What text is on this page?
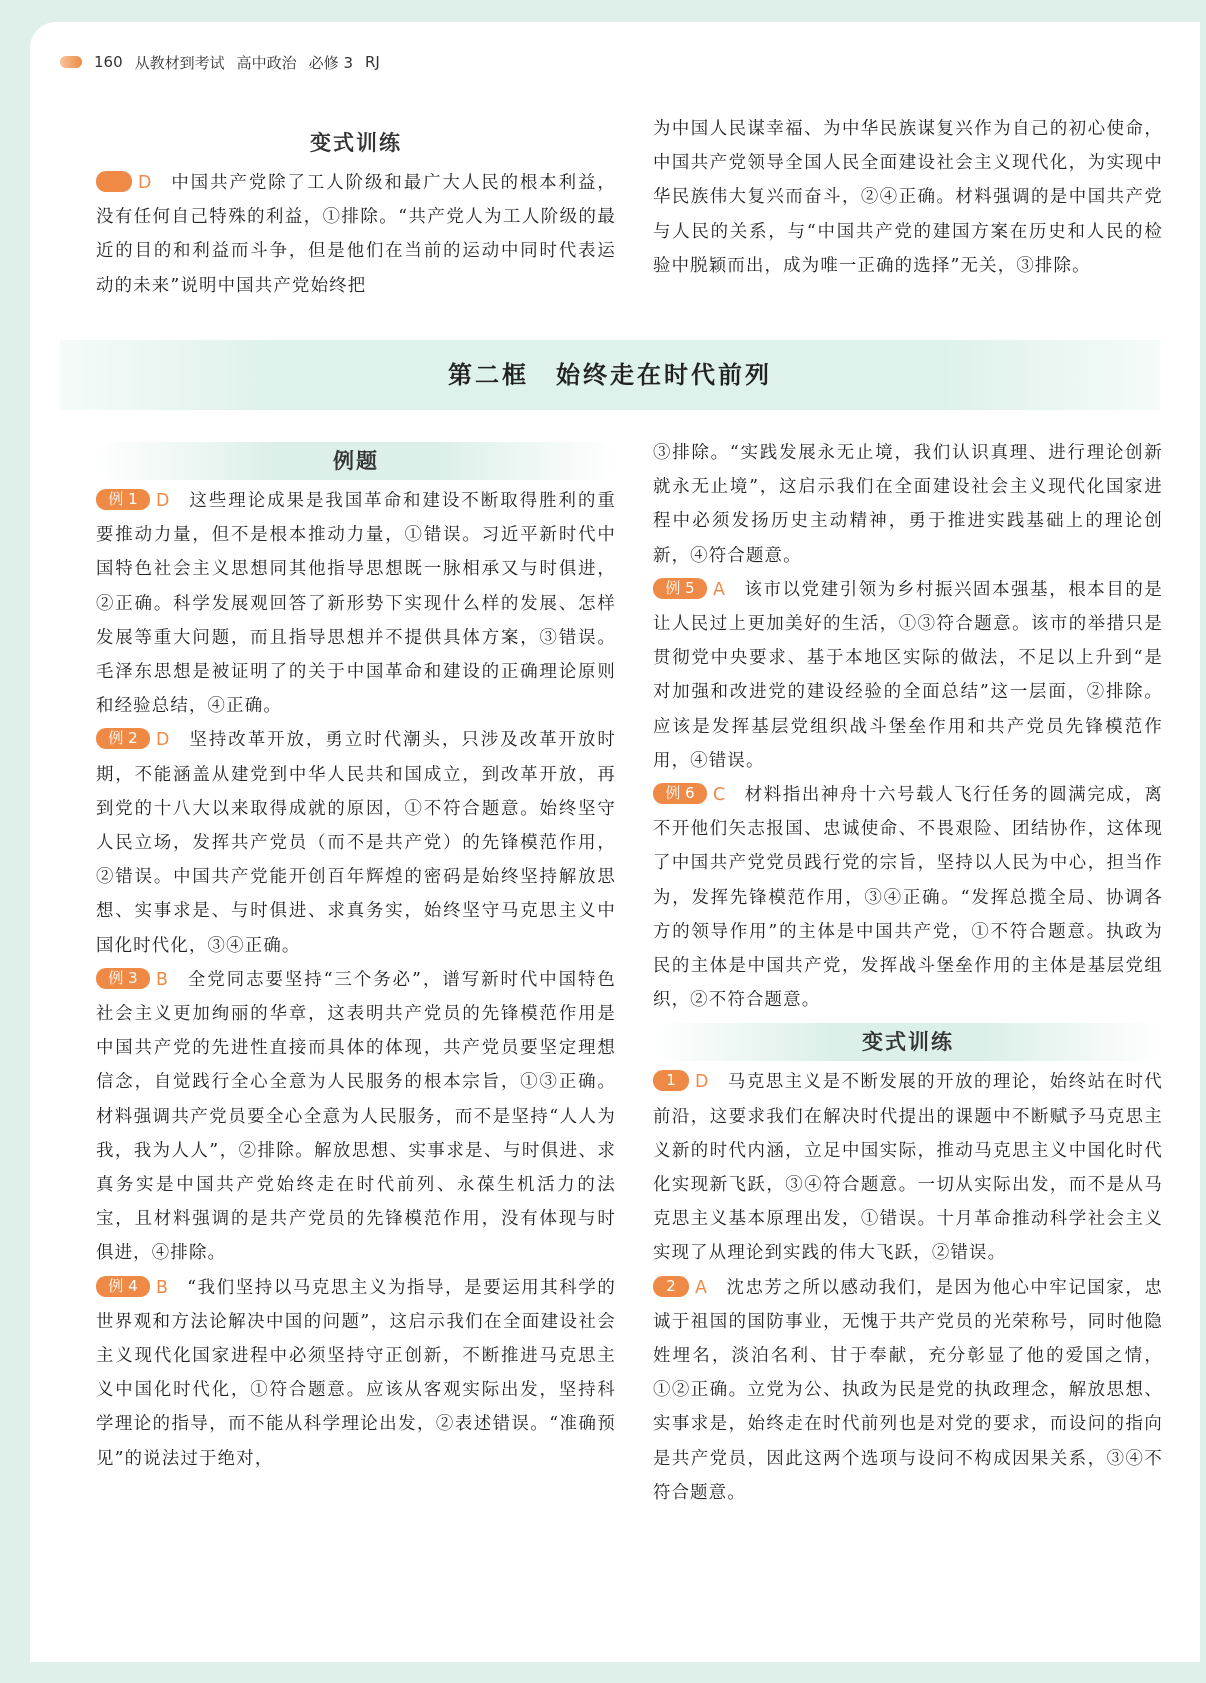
160 从教材到考试 高中政治 必修 3 RJ
变式训练

D 中国共产党除了工人阶级和最广大人民的根本利益，没有任何自己特殊的利益，①排除。“共产党人为工人阶级的最近的目的和利益而斗争，但是他们在当前的运动中同时代表运动的未来”说明中国共产党始终把

为中国人民谋幸福、为中华民族谋复兴作为自己的初心使命，中国共产党领导全国人民全面建设社会主义现代化，为实现中华民族伟大复兴而奋斗，②④正确。材料强调的是中国共产党与人民的关系，与“中国共产党的建国方案在历史和人民的检验中脱颖而出，成为唯一正确的选择”无关，③排除。

第二框　始终走在时代前列
例题

例 1 D 这些理论成果是我国革命和建设不断取得胜利的重要推动力量，但不是根本推动力量，①错误。习近平新时代中国特色社会主义思想同其他指导思想既一脉相承又与时俱进，②正确。科学发展观回答了新形势下实现什么样的发展、怎样发展等重大问题，而且指导思想并不提供具体方案，③错误。毛泽东思想是被证明了的关于中国革命和建设的正确理论原则和经验总结，④正确。

例 2 D 坚持改革开放，勇立时代潮头，只涉及改革开放时期，不能涵盖从建党到中华人民共和国成立，到改革开放，再到党的十八大以来取得成就的原因，①不符合题意。始终坚守人民立场，发挥共产党员（而不是共产党）的先锋模范作用，②错误。中国共产党能开创百年辉煌的密码是始终坚持解放思想、实事求是、与时俱进、求真务实，始终坚守马克思主义中国化时代化，③④正确。

例 3 B 全党同志要坚持“三个务必”，谱写新时代中国特色社会主义更加绚丽的华章，这表明共产党员的先锋模范作用是中国共产党的先进性直接而具体的体现，共产党员要坚定理想信念，自觉践行全心全意为人民服务的根本宗旨，①③正确。材料强调共产党员要全心全意为人民服务，而不是坚持“人人为我，我为人人”，②排除。解放思想、实事求是、与时俱进、求真务实是中国共产党始终走在时代前列、永葆生机活力的法宝，且材料强调的是共产党员的先锋模范作用，没有体现与时俱进，④排除。

例 4 B “我们坚持以马克思主义为指导，是要运用其科学的世界观和方法论解决中国的问题”，这启示我们在全面建设社会主义现代化国家进程中必须坚持守正创新，不断推进马克思主义中国化时代化，①符合题意。应该从客观实际出发，坚持科学理论的指导，而不能从科学理论出发，②表述错误。“准确预见”的说法过于绝对，

③排除。“实践发展永无止境，我们认识真理、进行理论创新就永无止境”，这启示我们在全面建设社会主义现代化国家进程中必须发扬历史主动精神，勇于推进实践基础上的理论创新，④符合题意。

例 5 A 该市以党建引领为乡村振兴固本强基，根本目的是让人民过上更加美好的生活，①③符合题意。该市的举措只是贯彻党中央要求、基于本地区实际的做法，不足以上升到“是对加强和改进党的建设经验的全面总结”这一层面，②排除。应该是发挥基层党组织战斗堡垒作用和共产党员先锋模范作用，④错误。

例 6 C 材料指出神舟十六号载人飞行任务的圆满完成，离不开他们矢志报国、忠诚使命、不畏艰险、团结协作，这体现了中国共产党党员践行党的宗旨，坚持以人民为中心，担当作为，发挥先锋模范作用，③④正确。“发挥总揽全局、协调各方的领导作用”的主体是中国共产党，①不符合题意。执政为民的主体是中国共产党，发挥战斗堡垒作用的主体是基层党组织，②不符合题意。

变式训练

1 D 马克思主义是不断发展的开放的理论，始终站在时代前沿，这要求我们在解决时代提出的课题中不断赋予马克思主义新的时代内涵，立足中国实际，推动马克思主义中国化时代化实现新飞跃，③④符合题意。一切从实际出发，而不是从马克思主义基本原理出发，①错误。十月革命推动科学社会主义实现了从理论到实践的伟大飞跃，②错误。

2 A 沈忠芳之所以感动我们，是因为他心中牢记国家，忠诚于祖国的国防事业，无愧于共产党员的光荣称号，同时他隐姓埋名，淡泊名利、甘于奉献，充分彰显了他的爱国之情，①②正确。立党为公、执政为民是党的执政理念，解放思想、实事求是，始终走在时代前列也是对党的要求，而设问的指向是共产党员，因此这两个选项与设问不构成因果关系，③④不符合题意。
